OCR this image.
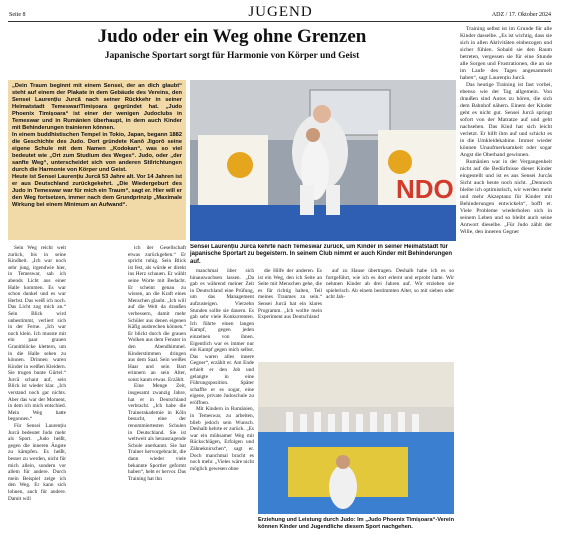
Seite 8	JUGEND	ADZ / 17. Oktober 2024
Judo oder ein Weg ohne Grenzen
Japanische Sportart sorgt für Harmonie von Körper und Geist

„Dein Traum beginnt mit einem Sensei, der an dich glaubt“ steht auf einem der Plakate in dem Gebäude des Vereins, den Sensei Laurențiu Jurcă nach seiner Rückkehr in seiner Heimatstadt Temeswar/Timișoara gegründet hat. „Judo Phoenix Timișoara“ ist einer der wenigen Judoclubs in Temeswar und in Rumänien überhaupt, in dem auch Kinder mit Behinderungen trainieren können.

In einem buddhistischen Tempel in Tokio, Japan, begann 1882 die Geschichte des Judo. Dort gründete Kanō Jigorō seine eigene Schule mit dem Namen „Kodokan“, was so viel bedeutet wie „Ort zum Studium des Weges“. Judo, oder „der sanfte Weg“, unterscheidet sich von anderen Stilrichtungen durch die Harmonie von Körper und Geist.

Heute ist Sensei Laurențiu Jurcă 53 Jahre alt. Vor 14 Jahren ist er aus Deutschland zurückgekehrt. „Die Wiedergeburt des Judo in Temeswar war für mich ein Traum“, sagt er. Hier will er den Weg fortsetzen, immer nach dem Grundprinzip „Maximale Wirkung bei einem Minimum an Aufwand“.

NDO
Sensei Laurențiu Jurcă kehrte nach Temeswar zurück, um Kinder in seiner Heimatstadt für japanische Sportart zu begeistern. In seinem Club nimmt er auch Kinder mit Behinderungen auf.

Sein Weg reicht weit zurück, bis in seine Kindheit. „Ich war noch sehr jung, irgendwie hier, in Temeswar, sah ich abends Licht aus einer Halle kommen. Es war schon dunkel und es war Herbst. Das weiß ich noch. Das Licht zog mich an.“ Sein Blick wird unbestimmt, verliert sich in der Ferne. „Ich war noch klein. Ich musste mit ein paar grauen Granitblöcke klettern, um in die Halle sehen zu können. Drinnen waren Kinder in weißen Kleidern. Sie trugen bunte Gürtel.“ Jurcă schaut auf, sein Blick ist wieder klar. „Ich verstand noch gar nichts. Aber das war der Moment, in dem ich mich entschied. Mein Weg hatte begonnen.“

Für Sensei Laurențiu Jurcă bedeutet Judo mehr als Sport. „Judo heißt, gegen die inneren Ängste zu kämpfen. Es heißt, besser zu werden, nicht für mich allein, sondern vor allem für andere. Durch mein Beispiel zeige ich den Weg. Er kann sich lohnen, auch für andere. Damit will

ich der Gesellschaft etwas zurückgeben.“ Er spricht ruhig. Sein Blick ist fest, als würde er direkt ins Herz schauen. Er wählt seine Worte mit Bedacht. Er scheint genau zu wissen, an die Kraft eines Menschen glaubt. „Ich will auf die Welt da draußen verbessern, damit mehr Schüler aus denen eigenen Käfig ausbrechen können.“ Er blickt durch die grauen Wolken aus dem Fenster in den Abendhimmel. Kinderstimmen dringen aus dem Saal. Sein weißes Haar und sein Bart erinnern an sein Alter, sonst kaum etwas. Erzählt.

Eine Menge Zeit, insgesamt zwanzig Jahre, hat er in Deutschland verbracht. „Ich habe die Trainerakademie in Köln besucht, eine der renommiertesten Schulen in Deutschland. Sie ist weltweit als herausragende Schule anerkannt. Sie hat Trainer hervorgebracht, die dann wieder viele bekannte Sportler geformt haben“, hebt er hervor. Das Training hat ihn

manchmal über sich hinauswachsen lassen. „Da gab es während meiner Zeit in Deutschland eine Prüfung, um das Management aufzusteigen. Vierzehn Stunden sollte sie dauern. Es gab sehr viele Konkurrenten. Ich führte einen langen Kampf, gegen jeden einzelnen von ihnen. Eigentlich war es immer nur ein Kampf gegen mich selbst. Das waren alles innere Gegner“, erzählt er. Am Ende erhielt er den Job und gelangte in eine Führungsposition. Später schaffte er es sogar, eine eigene, private Judoschule zu eröffnen.

Mit Kindern in Rumänien, in Temeswar, zu arbeiten, blieb jedoch sein Wunsch. Deshalb kehrte er zurück. „Es war ein mühsamer Weg mit Rückschlägen, Erfolgen und Zähneknirschen“, sagt er. Doch manchmal bracht es noch mehr. „Vieles wäre nicht möglich gewesen ohne

die Hilfe der anderen. Es ist ein Weg, den ich Seite an Seite mit Menschen gehe, die es für richtig halten, Teil meines Traumes zu sein.“ Sensei Jurcă hat ein klares Programm. „Ich wollte mein Experiment aus Deutschland

auf zu Hause übertragen. Deshalb habe ich es so fortgeführt, wie ich es dort erlernt und erprobt hatte. Wir nehmen Kinder ab drei Jahren auf. Wir erziehen sie spielerisch. Ab einem bestimmten Alter, so mit sieben oder acht Jah-

Erziehung und Leistung durch Judo: Im „Judo Phoenix Timișoara“-Verein können Kinder und Jugendliche diesem Sport nachgehen.

Training selbst ist im Grunde für alle Kinder dasselbe. „Es ist wichtig, dass sie sich in allen Aktivitäten einbezogen und sicher fühlen. Sobald sie den Raum betreten, vergessen sie für eine Stunde alle Sorgen und Frustrationen, die an sie im Laufe des Tages angesammelt haben“, sagt Laurențiu Jurcă.

Das heutige Training ist fast vorbei, ebenso wie der Tag allgemein. Von draußen sind Autos zu hören, die sich dem Bahnhof nähern. Einem der Kinder geht es nicht gut. Sensei Jurcă springt sofort von der Matratze auf und geht nachsehen. Das Kind hat sich leicht verletzt. Er hilft ihm auf und schickt es in die Umkleidekabine. Immer wieder können Unaufmerksamkeit oder sogar Angst die Oberhand gewinnen.

Rumänien war in der Vergangenheit nicht auf die Bedürfnisse dieser Kinder eingestellt und ist es aus Sensei Jurcăs Sicht auch heute noch nicht. „Dennoch bleibe ich optimistisch, wir werden mehr und mehr Akzeptanz für Kinder mit Behinderungen entwickeln“, hofft er. Viele Probleme wiederholen sich in seinem Leben und so bleibt auch seine Antwort dieselbe. „Für Judo zählt der Wille, den inneren Gegner
